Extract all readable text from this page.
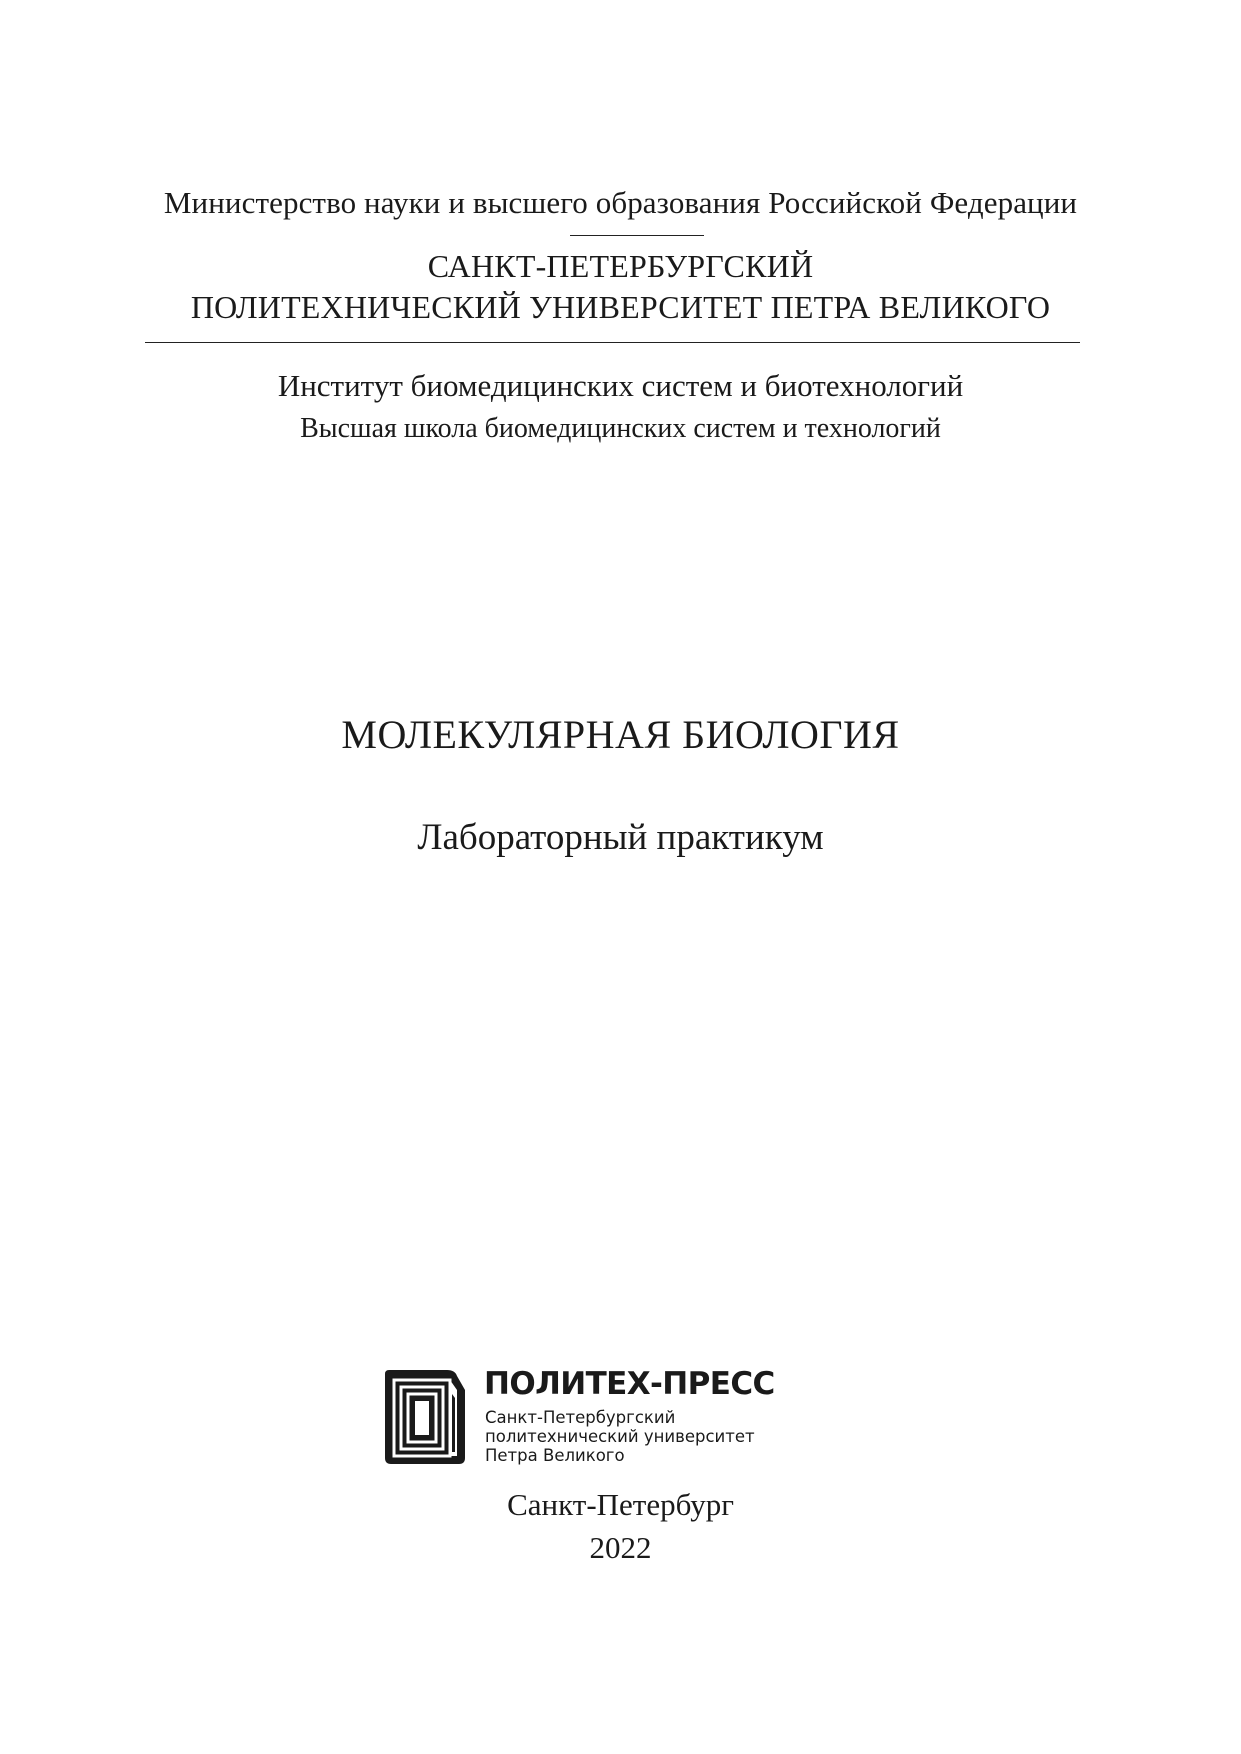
Министерство науки и высшего образования Российской Федерации
САНКТ-ПЕТЕРБУРГСКИЙ
ПОЛИТЕХНИЧЕСКИЙ УНИВЕРСИТЕТ ПЕТРА ВЕЛИКОГО
Институт биомедицинских систем и биотехнологий
Высшая школа биомедицинских систем и технологий
МОЛЕКУЛЯРНАЯ БИОЛОГИЯ
Лабораторный практикум
ПОЛИТЕХ-ПРЕСС
Санкт-Петербургский
политехнический университет
Петра Великого
Санкт-Петербург
2022
